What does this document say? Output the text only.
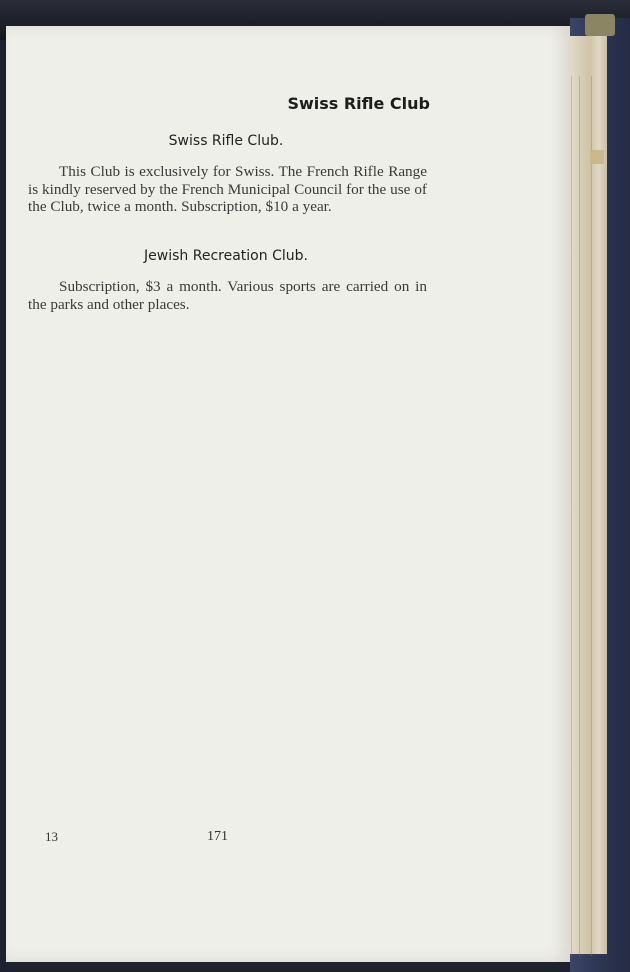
Swiss Rifle Club
Swiss Rifle Club.

This Club is exclusively for Swiss. The French Rifle Range is kindly reserved by the French Municipal Council for the use of the Club, twice a month. Subscription, $10 a year.

Jewish Recreation Club.

Subscription, $3 a month. Various sports are carried on in the parks and other places.

13	171
